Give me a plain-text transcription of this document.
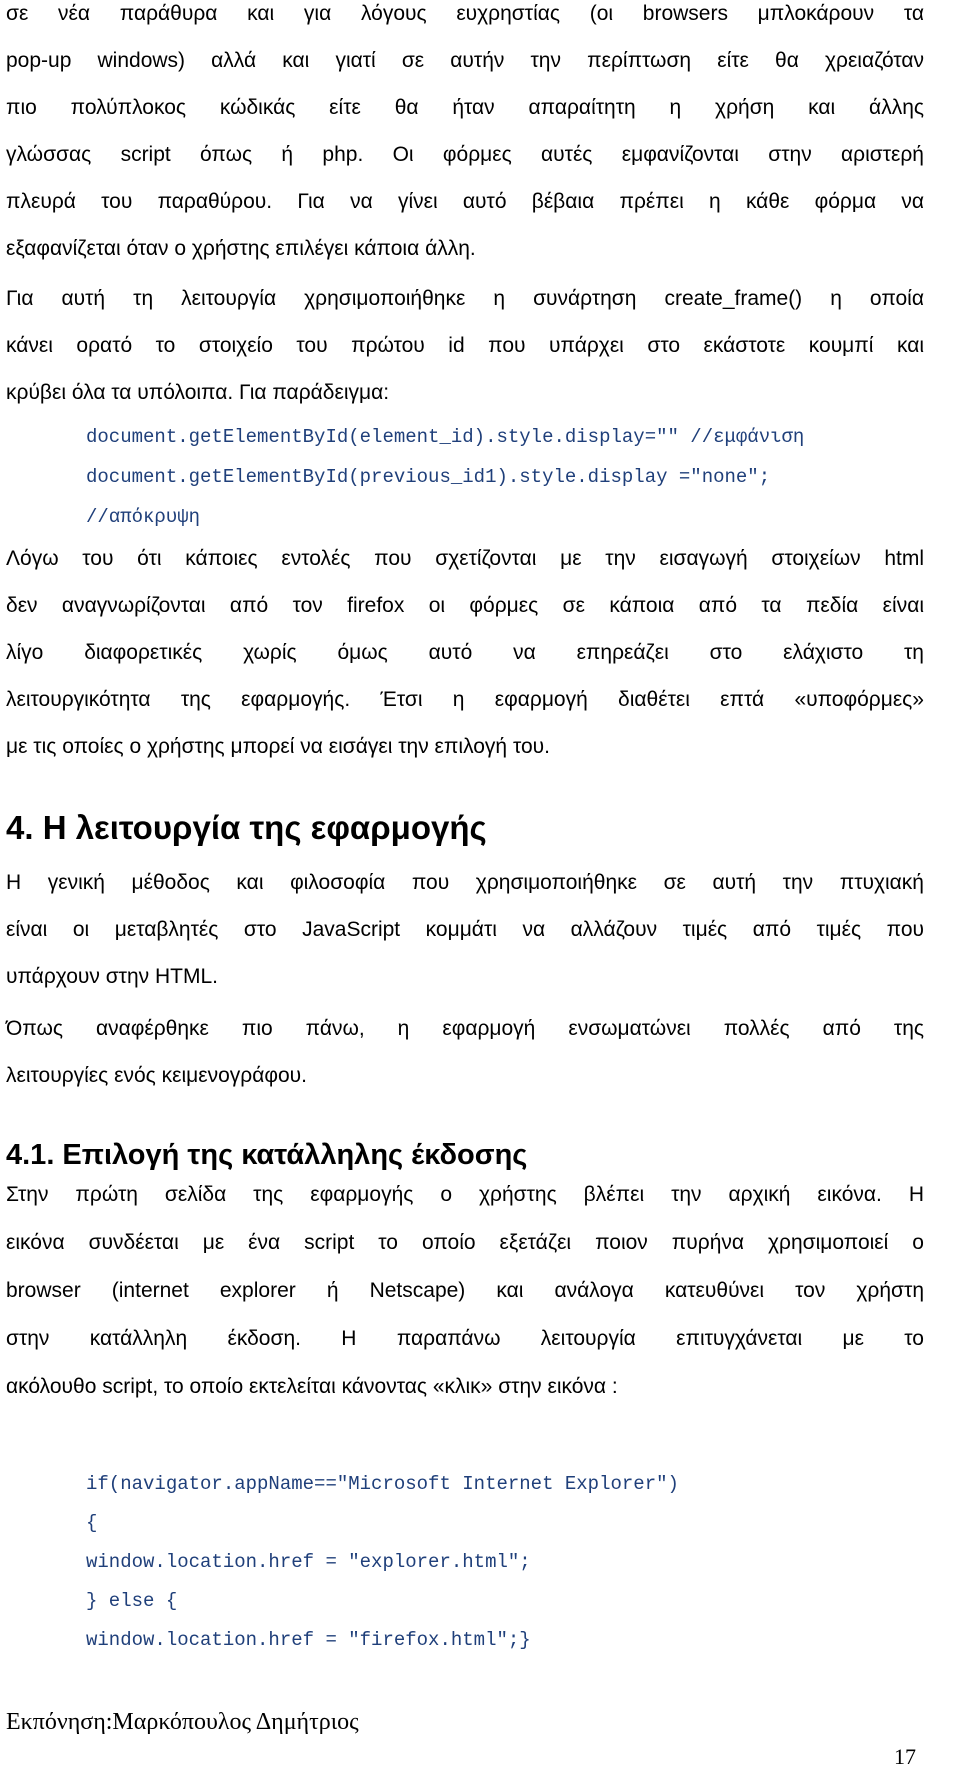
σε νέα παράθυρα και για λόγους ευχρηστίας (οι browsers μπλοκάρουν τα
pop-up windows) αλλά και γιατί σε αυτήν την περίπτωση είτε θα χρειαζόταν
πιο πολύπλοκος κώδικάς είτε θα ήταν απαραίτητη η χρήση και άλλης
γλώσσας script όπως ή php. Οι φόρμες αυτές εμφανίζονται στην αριστερή
πλευρά του παραθύρου. Για να γίνει αυτό βέβαια πρέπει η κάθε φόρμα να
εξαφανίζεται όταν ο χρήστης επιλέγει κάποια άλλη.
Για αυτή τη λειτουργία χρησιμοποιήθηκε η συνάρτηση create_frame() η οποία
κάνει ορατό το στοιχείο του πρώτου id που υπάρχει στο εκάστοτε κουμπί και
κρύβει όλα τα υπόλοιπα. Για παράδειγμα:
document.getElementById(element_id).style.display="" //εμφάνιση
document.getElementById(previous_id1).style.display ="none";
//απόκρυψη
Λόγω του ότι κάποιες εντολές που σχετίζονται με την εισαγωγή στοιχείων html
δεν αναγνωρίζονται από τον firefox οι φόρμες σε κάποια από τα πεδία είναι
λίγο διαφορετικές χωρίς όμως αυτό να επηρεάζει στο ελάχιστο τη
λειτουργικότητα της εφαρμογής. Έτσι η εφαρμογή διαθέτει επτά «υποφόρμες»
με τις οποίες ο χρήστης μπορεί να εισάγει την επιλογή του.
4. Η λειτουργία της εφαρμογής
Η γενική μέθοδος και φιλοσοφία που χρησιμοποιήθηκε σε αυτή την πτυχιακή
είναι οι μεταβλητές στο JavaScript κομμάτι να αλλάζουν τιμές από τιμές που
υπάρχουν στην HTML.
Όπως αναφέρθηκε πιο πάνω, η εφαρμογή ενσωματώνει πολλές από της
λειτουργίες ενός κειμενογράφου.
4.1. Επιλογή της κατάλληλης έκδοσης
Στην πρώτη σελίδα της εφαρμογής ο χρήστης βλέπει την αρχική εικόνα. Η
εικόνα συνδέεται με ένα script το οποίο εξετάζει ποιον πυρήνα χρησιμοποιεί ο
browser (internet explorer ή Netscape) και ανάλογα κατευθύνει τον χρήστη
στην κατάλληλη έκδοση. Η παραπάνω λειτουργία επιτυγχάνεται με το
ακόλουθο script, το οποίο εκτελείται κάνοντας «κλικ» στην εικόνα :
if(navigator.appName=="Microsoft Internet Explorer")
{
window.location.href = "explorer.html";
} else {
window.location.href = "firefox.html";}
Εκπόνηση:Μαρκόπουλος Δημήτριος
17
